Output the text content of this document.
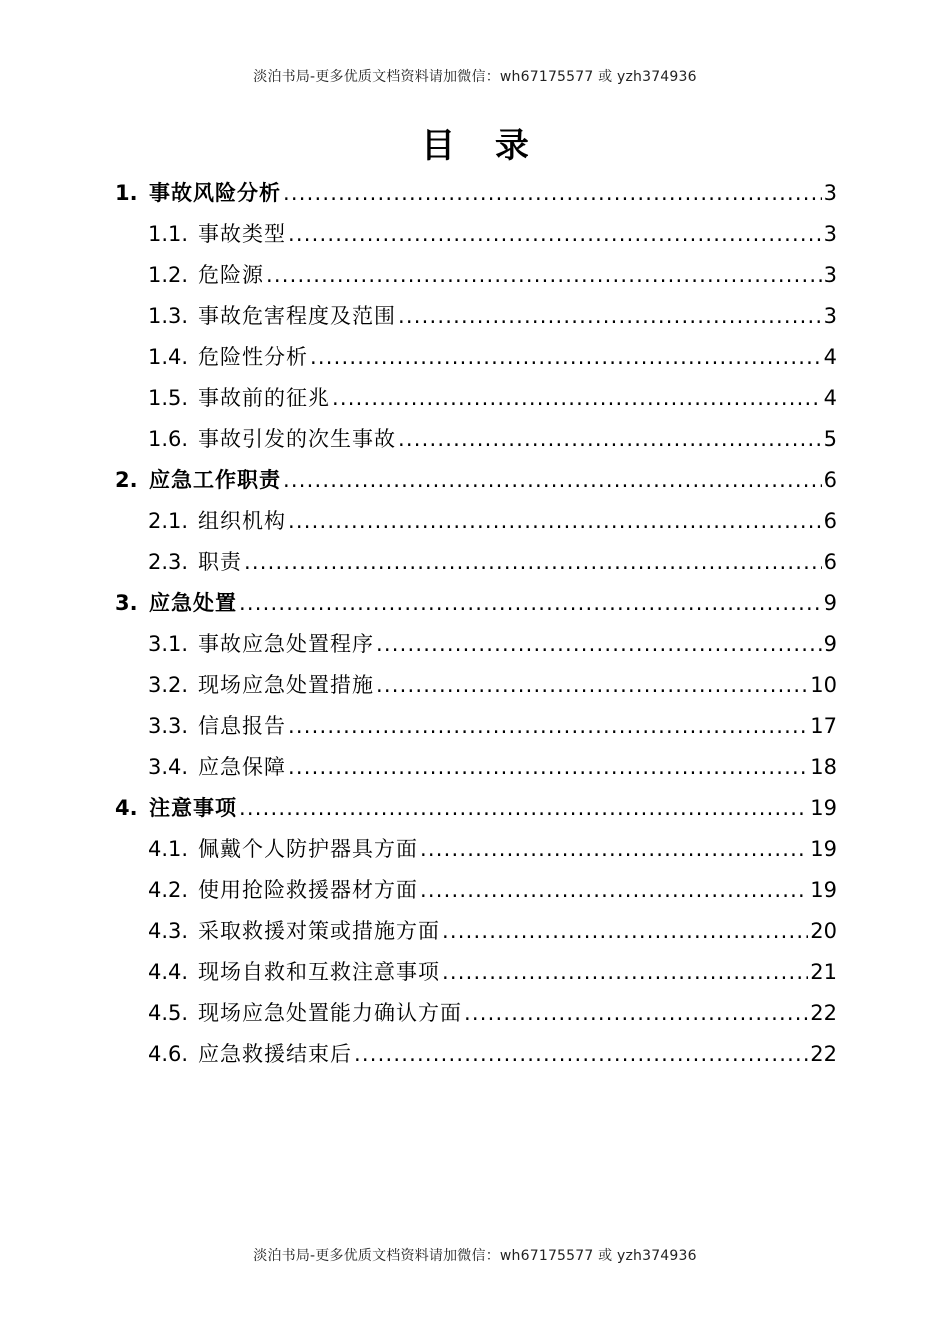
淡泊书局-更多优质文档资料请加微信：wh67175577 或 yzh374936
目 录
1. 事故风险分析 .....	3
1.1. 事故类型 .....	3
1.2. 危险源 .....	3
1.3. 事故危害程度及范围 .....	3
1.4. 危险性分析 .....	4
1.5. 事故前的征兆 .....	4
1.6. 事故引发的次生事故 .....	5
2. 应急工作职责 .....	6
2.1. 组织机构 .....	6
2.3. 职责 .....	6
3. 应急处置 .....	9
3.1. 事故应急处置程序 .....	9
3.2. 现场应急处置措施 .....	10
3.3. 信息报告 .....	17
3.4. 应急保障 .....	18
4. 注意事项 .....	19
4.1. 佩戴个人防护器具方面 .....	19
4.2. 使用抢险救援器材方面 .....	19
4.3. 采取救援对策或措施方面 .....	20
4.4. 现场自救和互救注意事项 .....	21
4.5. 现场应急处置能力确认方面 .....	22
4.6. 应急救援结束后 .....	22
淡泊书局-更多优质文档资料请加微信：wh67175577 或 yzh374936
